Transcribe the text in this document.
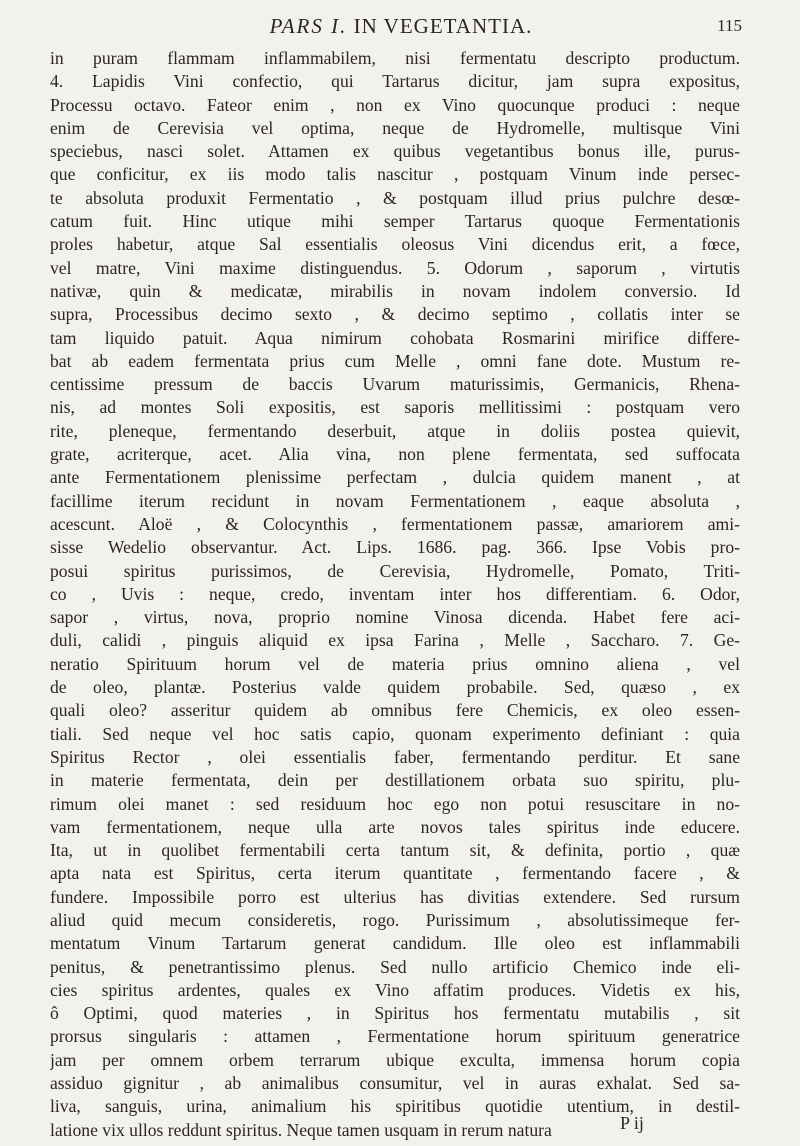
PARS I. IN VEGETANTIA.	115
in puram flammam inflammabilem, nisi fermentatu descripto productum.
4. Lapidis Vini confectio, qui Tartarus dicitur, jam supra expositus,
Processu octavo. Fateor enim , non ex Vino quocunque produci : neque
enim de Cerevisia vel optima, neque de Hydromelle, multisque Vini
speciebus, nasci solet. Attamen ex quibus vegetantibus bonus ille, purus-
que conficitur, ex iis modo talis nascitur , postquam Vinum inde persec-
te absoluta produxit Fermentatio , & postquam illud prius pulchre desœ-
catum fuit. Hinc utique mihi semper Tartarus quoque Fermentationis
proles habetur, atque Sal essentialis oleosus Vini dicendus erit, a fœce,
vel matre, Vini maxime distinguendus. 5. Odorum , saporum , virtutis
nativæ, quin & medicatæ, mirabilis in novam indolem conversio. Id
supra, Processibus decimo sexto , & decimo septimo , collatis inter se
tam liquido patuit. Aqua nimirum cohobata Rosmarini mirifice differe-
bat ab eadem fermentata prius cum Melle , omni fane dote. Mustum re-
centissime pressum de baccis Uvarum maturissimis, Germanicis, Rhena-
nis, ad montes Soli expositis, est saporis mellitissimi : postquam vero
rite, pleneque, fermentando deserbuit, atque in doliis postea quievit,
grate, acriterque, acet. Alia vina, non plene fermentata, sed suffocata
ante Fermentationem plenissime perfectam , dulcia quidem manent , at
facillime iterum recidunt in novam Fermentationem , eaque absoluta ,
acescunt. Aloë , & Colocynthis , fermentationem passæ, amariorem ami-
sisse Wedelio observantur. Act. Lips. 1686. pag. 366. Ipse Vobis pro-
posui spiritus purissimos, de Cerevisia, Hydromelle, Pomato, Triti-
co , Uvis : neque, credo, inventam inter hos differentiam. 6. Odor,
sapor , virtus, nova, proprio nomine Vinosa dicenda. Habet fere aci-
duli, calidi , pinguis aliquid ex ipsa Farina , Melle , Saccharo. 7. Ge-
neratio Spirituum horum vel de materia prius omnino aliena , vel
de oleo, plantæ. Posterius valde quidem probabile. Sed, quæso , ex
quali oleo? asseritur quidem ab omnibus fere Chemicis, ex oleo essen-
tiali. Sed neque vel hoc satis capio, quonam experimento definiant : quia
Spiritus Rector , olei essentialis faber, fermentando perditur. Et sane
in materie fermentata, dein per destillationem orbata suo spiritu, plu-
rimum olei manet : sed residuum hoc ego non potui resuscitare in no-
vam fermentationem, neque ulla arte novos tales spiritus inde educere.
Ita, ut in quolibet fermentabili certa tantum sit, & definita, portio , quæ
apta nata est Spiritus, certa iterum quantitate , fermentando facere , &
fundere. Impossibile porro est ulterius has divitias extendere. Sed rursum
aliud quid mecum consideretis, rogo. Purissimum , absolutissimeque fer-
mentatum Vinum Tartarum generat candidum. Ille oleo est inflammabili
penitus, & penetrantissimo plenus. Sed nullo artificio Chemico inde eli-
cies spiritus ardentes, quales ex Vino affatim produces. Videtis ex his,
ô Optimi, quod materies , in Spiritus hos fermentatu mutabilis , sit
prorsus singularis : attamen , Fermentatione horum spirituum generatrice
jam per omnem orbem terrarum ubique exculta, immensa horum copia
assiduo gignitur , ab animalibus consumitur, vel in auras exhalat. Sed sa-
liva, sanguis, urina, animalium his spiritibus quotidie utentium, in destil-
latione vix ullos reddunt spiritus. Neque tamen usquam in rerum natura	P ij
